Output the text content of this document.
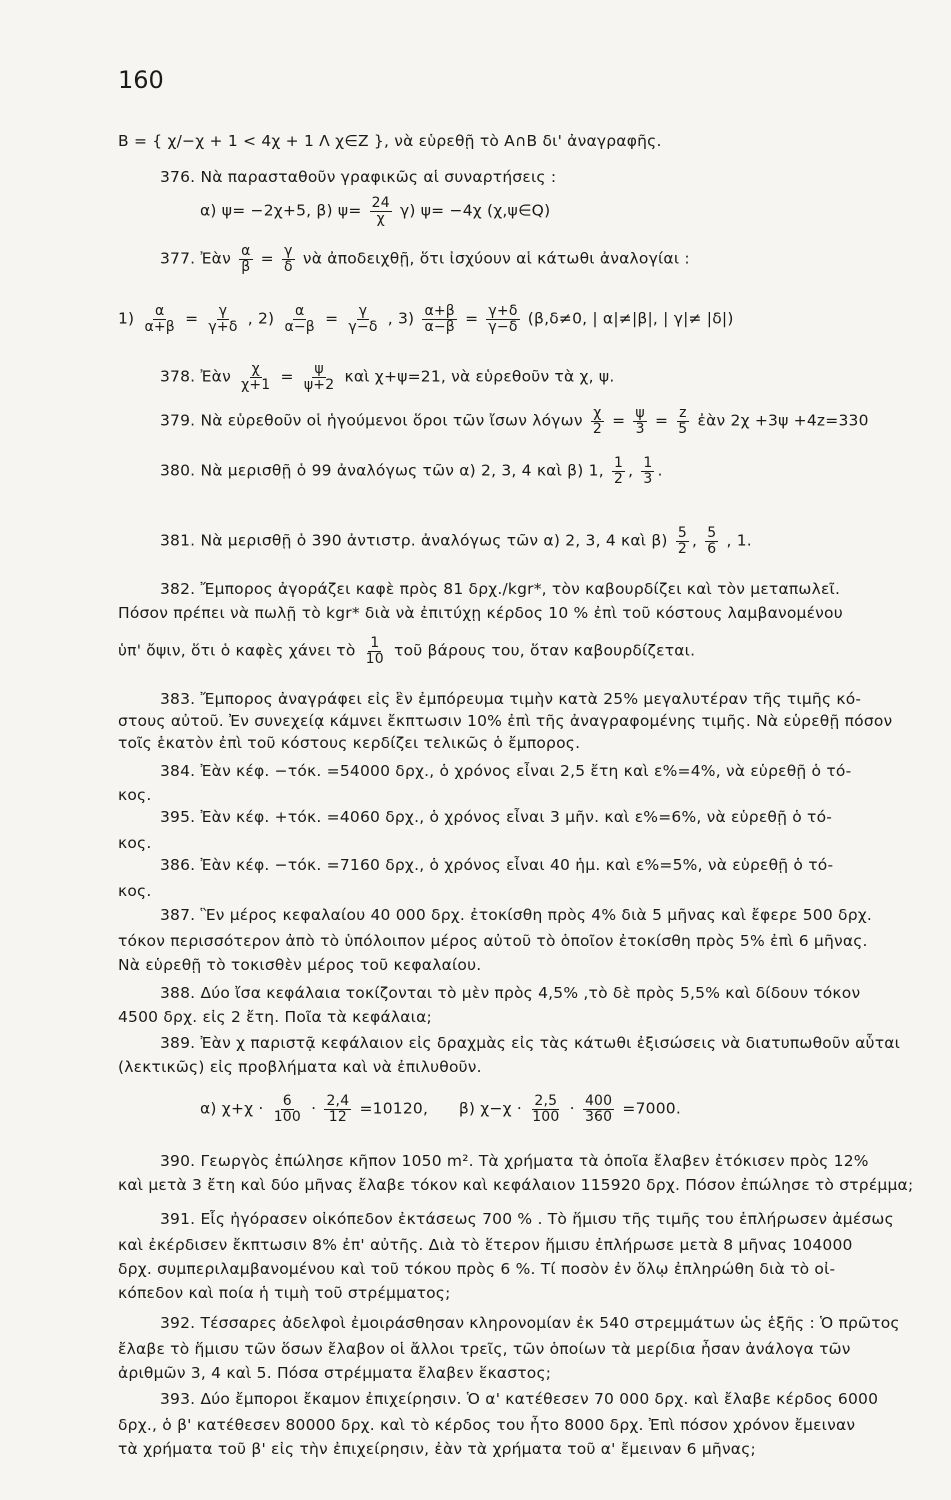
160
B = { χ/−χ + 1 < 4χ + 1 Λ χ∈Z }, νὰ εὑρεθῇ τὸ A∩B δι' ἀναγραφῆς.
376. Νὰ παρασταθοῦν γραφικῶς αἱ συναρτήσεις :
α) ψ= −2χ+5, β) $\psi= \frac{24}{\chi} \gamma$) ψ= −4χ (χ,ψ∈Q)
377. Ἐὰν $\frac{\alpha}{\beta} = \frac{\gamma}{\delta}$ νὰ ἀποδειχθῇ, ὅτι ἰσχύουν αἱ κάτωθι ἀναλογίαι :
$1) \frac{\alpha}{\alpha+\beta} = \frac{\gamma}{\gamma+\delta}$ , $2) \frac{\alpha}{\alpha-\beta} = \frac{\gamma}{\gamma-\delta}$ , $3) \frac{\alpha+\beta}{\alpha-\beta} = \frac{\gamma+\delta}{\gamma-\delta} (\beta,\delta\ne 0$, | α|≠|β|, | γ|≠ |δ|)
378. Ἐὰν $\frac{\chi}{\chi+1} = \frac{\psi}{\psi+2}$ καὶ χ+ψ=21, νὰ εὑρεθοῦν τὰ χ, ψ.
379. Νὰ εὑρεθοῦν οἱ ἡγούμενοι ὅροι τῶν ἴσων λόγων $\frac{\chi}{2} = \frac{\psi}{3} = \frac{z}{5}$ ἐὰν 2χ +3ψ +4z=330
380. Νὰ μερισθῇ ὁ 99 ἀναλόγως τῶν α) 2, 3, 4 καὶ β) 1, $\frac{1}{2}$ , $\frac{1}{3}$ .
381. Νὰ μερισθῇ ὁ 390 ἀντιστρ. ἀναλόγως τῶν α) 2, 3, 4 καὶ $\beta) \frac{5}{2}$ , $\frac{5}{6}$ , 1.
382. Ἔμπορος ἀγοράζει καφὲ πρὸς 81 δρχ./kgr*, τὸν καβουρδίζει καὶ τὸν μεταπωλεῖ.
Πόσον πρέπει νὰ πωλῇ τὸ kgr* διὰ νὰ ἐπιτύχῃ κέρδος 10 % ἐπὶ τοῦ κόστους λαμβανομένου
ὑπ' ὄψιν, ὅτι ὁ καφὲς χάνει τὸ $\frac{1}{10}$ τοῦ βάρους του, ὅταν καβουρδίζεται.
383. Ἔμπορος ἀναγράφει εἰς ἓν ἐμπόρευμα τιμὴν κατὰ 25% μεγαλυτέραν τῆς τιμῆς κό-
στους αὐτοῦ. Ἐν συνεχείᾳ κάμνει ἔκπτωσιν 10% ἐπὶ τῆς ἀναγραφομένης τιμῆς. Νὰ εὑρεθῇ πόσον
τοῖς ἑκατὸν ἐπὶ τοῦ κόστους κερδίζει τελικῶς ὁ ἔμπορος.
384. Ἐὰν κέφ. −τόκ. =54000 δρχ., ὁ χρόνος εἶναι 2,5 ἔτη καὶ ε%=4%, νὰ εὑρεθῇ ὁ τό-
κος.
395. Ἐὰν κέφ. +τόκ. =4060 δρχ., ὁ χρόνος εἶναι 3 μῆν. καὶ ε%=6%, νὰ εὑρεθῇ ὁ τό-
κος.
386. Ἐὰν κέφ. −τόκ. =7160 δρχ., ὁ χρόνος εἶναι 40 ἡμ. καὶ ε%=5%, νὰ εὑρεθῇ ὁ τό-
κος.
387. Ἓν μέρος κεφαλαίου 40 000 δρχ. ἐτοκίσθη πρὸς 4% διὰ 5 μῆνας καὶ ἔφερε 500 δρχ.
τόκον περισσότερον ἀπὸ τὸ ὑπόλοιπον μέρος αὐτοῦ τὸ ὁποῖον ἐτοκίσθη πρὸς 5% ἐπὶ 6 μῆνας.
Νὰ εὑρεθῇ τὸ τοκισθὲν μέρος τοῦ κεφαλαίου.
388. Δύο ἴσα κεφάλαια τοκίζονται τὸ μὲν πρὸς 4,5% ,τὸ δὲ πρὸς 5,5% καὶ δίδουν τόκον
4500 δρχ. εἰς 2 ἔτη. Ποῖα τὰ κεφάλαια;
389. Ἐὰν χ παριστᾷ κεφάλαιον εἰς δραχμὰς εἰς τὰς κάτωθι ἐξισώσεις νὰ διατυπωθοῦν αὗται
(λεκτικῶς) εἰς προβλήματα καὶ νὰ ἐπιλυθοῦν.
α) $\chi+\chi \cdot \frac{6}{100} \cdot \frac{2,4}{12} =10120$, β) $\chi-\chi \cdot \frac{2,5}{100} \cdot \frac{400}{360} =7000$.
390. Γεωργὸς ἐπώλησε κῆπον 1050 m². Τὰ χρήματα τὰ ὁποῖα ἔλαβεν ἐτόκισεν πρὸς 12%
καὶ μετὰ 3 ἔτη καὶ δύο μῆνας ἔλαβε τόκον καὶ κεφάλαιον 115920 δρχ. Πόσον ἐπώλησε τὸ στρέμμα;
391. Εἷς ἠγόρασεν οἰκόπεδον ἐκτάσεως 700 % . Τὸ ἥμισυ τῆς τιμῆς του ἐπλήρωσεν ἀμέσως
καὶ ἐκέρδισεν ἔκπτωσιν 8% ἐπ' αὐτῆς. Διὰ τὸ ἕτερον ἥμισυ ἐπλήρωσε μετὰ 8 μῆνας 104000
δρχ. συμπεριλαμβανομένου καὶ τοῦ τόκου πρὸς 6 %. Τί ποσὸν ἐν ὅλῳ ἐπληρώθη διὰ τὸ οἰ-
κόπεδον καὶ ποία ἡ τιμὴ τοῦ στρέμματος;
392. Τέσσαρες ἀδελφοὶ ἐμοιράσθησαν κληρονομίαν ἐκ 540 στρεμμάτων ὡς ἑξῆς : Ὁ πρῶτος
ἔλαβε τὸ ἥμισυ τῶν ὅσων ἔλαβον οἱ ἄλλοι τρεῖς, τῶν ὁποίων τὰ μερίδια ἦσαν ἀνάλογα τῶν
ἀριθμῶν 3, 4 καὶ 5. Πόσα στρέμματα ἔλαβεν ἕκαστος;
393. Δύο ἔμποροι ἔκαμον ἐπιχείρησιν. Ὁ α' κατέθεσεν 70 000 δρχ. καὶ ἔλαβε κέρδος 6000
δρχ., ὁ β' κατέθεσεν 80000 δρχ. καὶ τὸ κέρδος του ἦτο 8000 δρχ. Ἐπὶ πόσον χρόνον ἔμειναν
τὰ χρήματα τοῦ β' εἰς τὴν ἐπιχείρησιν, ἐὰν τὰ χρήματα τοῦ α' ἔμειναν 6 μῆνας;
